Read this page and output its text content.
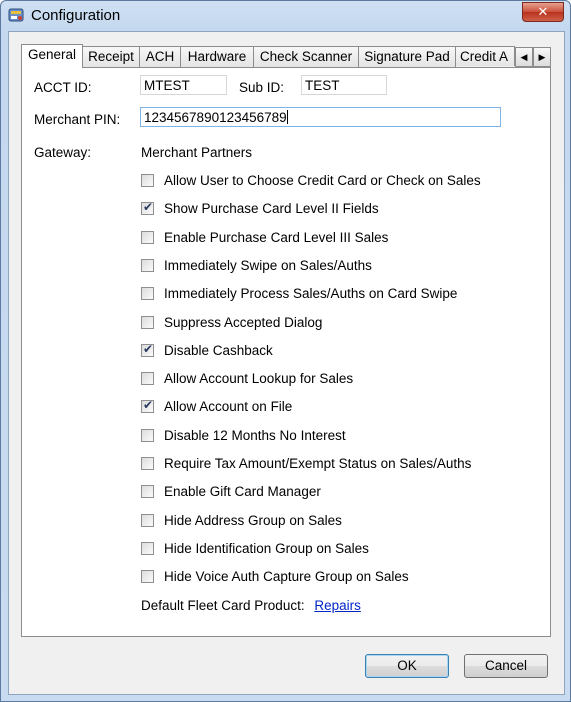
Configuration	✕
General Receipt ACH Hardware	Check Scanner Signature Pad Credit A	◀	▶
ACCT ID:	MTEST	Sub ID: TEST
Merchant PIN: 1234567890123456789
Gateway:	Merchant Partners
Allow User to Choose Credit Card or Check on Sales
✔
Show Purchase Card Level II Fields
Enable Purchase Card Level III Sales
Immediately Swipe on Sales/Auths
Immediately Process Sales/Auths on Card Swipe
Suppress Accepted Dialog
✔
Disable Cashback
Allow Account Lookup for Sales
✔
Allow Account on File
Disable 12 Months No Interest
Require Tax Amount/Exempt Status on Sales/Auths
Enable Gift Card Manager
Hide Address Group on Sales
Hide Identification Group on Sales
Hide Voice Auth Capture Group on Sales
Default Fleet Card Product: Repairs
OK	Cancel
